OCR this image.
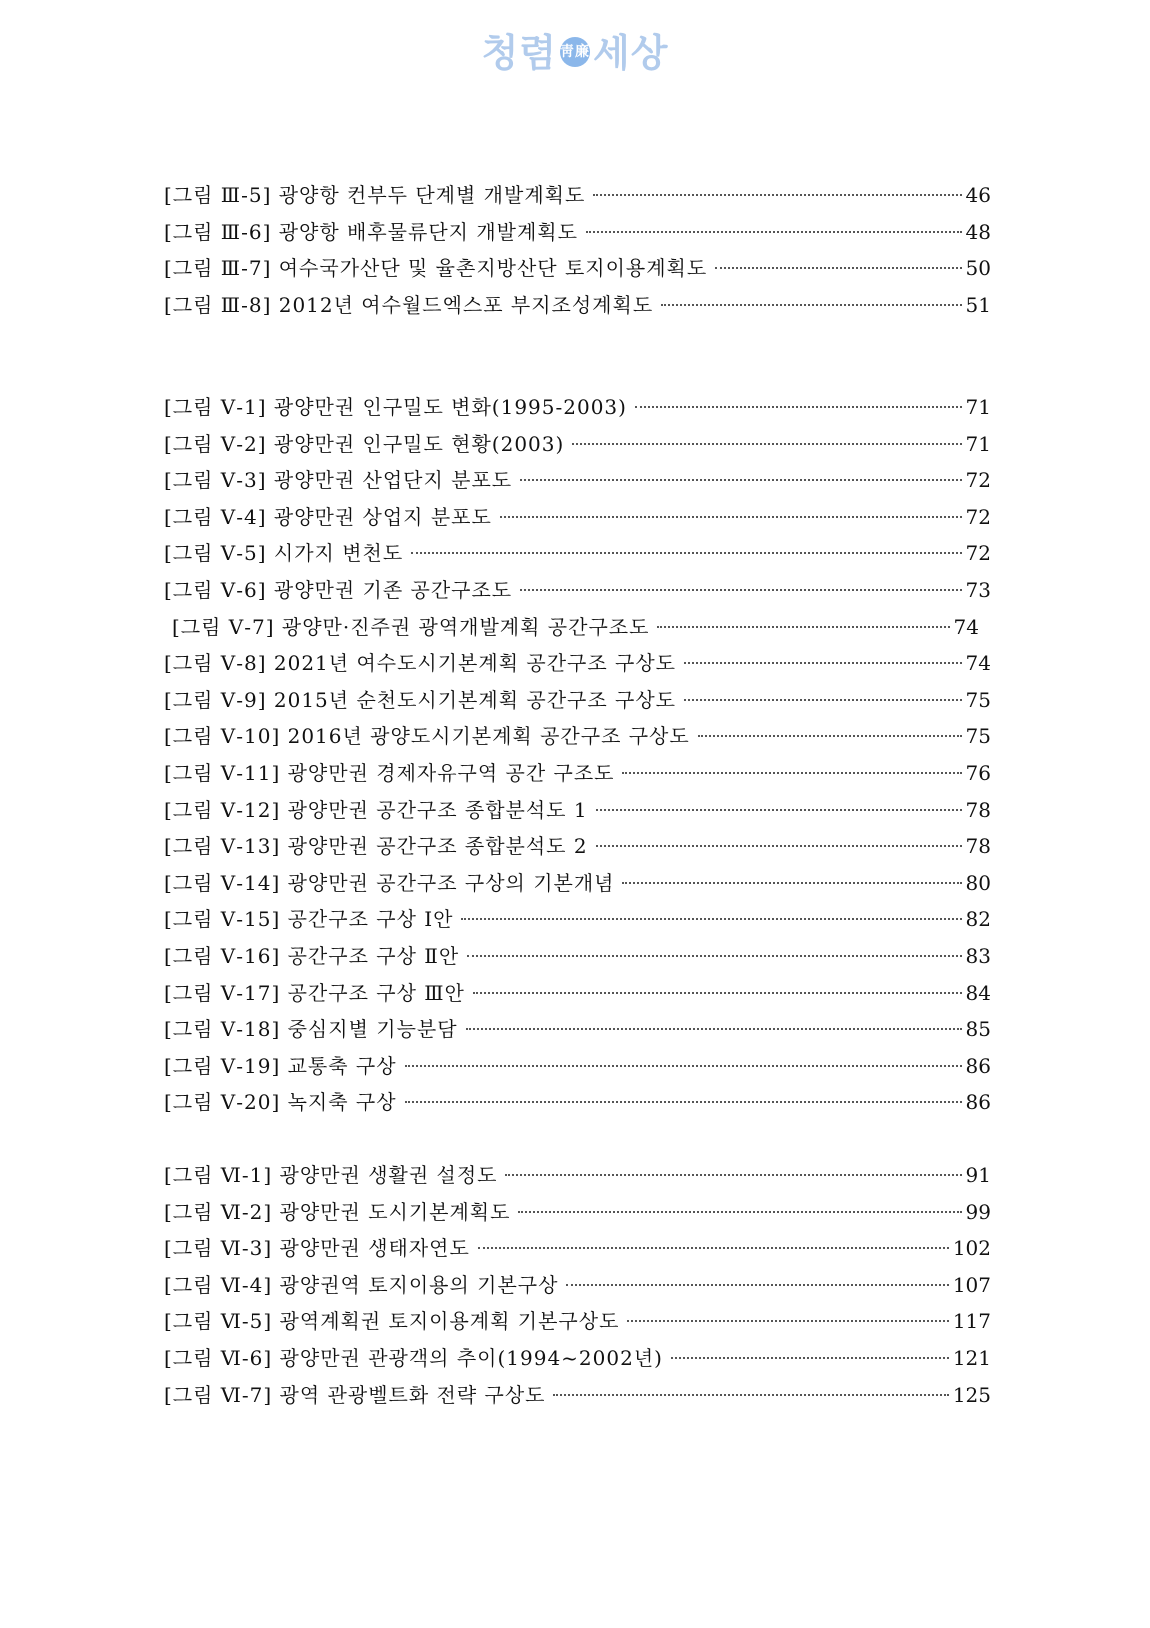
청렴 靑廉세상
[그림 Ⅲ-5] 광양항 컨부두 단계별 개발계획도	46
[그림 Ⅲ-6] 광양항 배후물류단지 개발계획도	48
[그림 Ⅲ-7] 여수국가산단 및 율촌지방산단 토지이용계획도	50
[그림 Ⅲ-8] 2012년 여수월드엑스포 부지조성계획도	51
[그림 Ⅴ-1] 광양만권 인구밀도 변화(1995-2003)	71
[그림 Ⅴ-2] 광양만권 인구밀도 현황(2003)	71
[그림 Ⅴ-3] 광양만권 산업단지 분포도	72
[그림 Ⅴ-4] 광양만권 상업지 분포도	72
[그림 Ⅴ-5] 시가지 변천도	72
[그림 Ⅴ-6] 광양만권 기존 공간구조도	73
[그림 Ⅴ-7] 광양만·진주권 광역개발계획 공간구조도	74
[그림 Ⅴ-8] 2021년 여수도시기본계획 공간구조 구상도	74
[그림 Ⅴ-9] 2015년 순천도시기본계획 공간구조 구상도	75
[그림 Ⅴ-10] 2016년 광양도시기본계획 공간구조 구상도	75
[그림 Ⅴ-11] 광양만권 경제자유구역 공간 구조도	76
[그림 Ⅴ-12] 광양만권 공간구조 종합분석도 1	78
[그림 Ⅴ-13] 광양만권 공간구조 종합분석도 2	78
[그림 Ⅴ-14] 광양만권 공간구조 구상의 기본개념	80
[그림 Ⅴ-15] 공간구조 구상 Ⅰ안	82
[그림 Ⅴ-16] 공간구조 구상 Ⅱ안	83
[그림 Ⅴ-17] 공간구조 구상 Ⅲ안	84
[그림 Ⅴ-18] 중심지별 기능분담	85
[그림 Ⅴ-19] 교통축 구상	86
[그림 Ⅴ-20] 녹지축 구상	86
[그림 Ⅵ-1] 광양만권 생활권 설정도	91
[그림 Ⅵ-2] 광양만권 도시기본계획도	99
[그림 Ⅵ-3] 광양만권 생태자연도	102
[그림 Ⅵ-4] 광양권역 토지이용의 기본구상	107
[그림 Ⅵ-5] 광역계획권 토지이용계획 기본구상도	117
[그림 Ⅵ-6] 광양만권 관광객의 추이(1994~2002년)	121
[그림 Ⅵ-7] 광역 관광벨트화 전략 구상도	125
